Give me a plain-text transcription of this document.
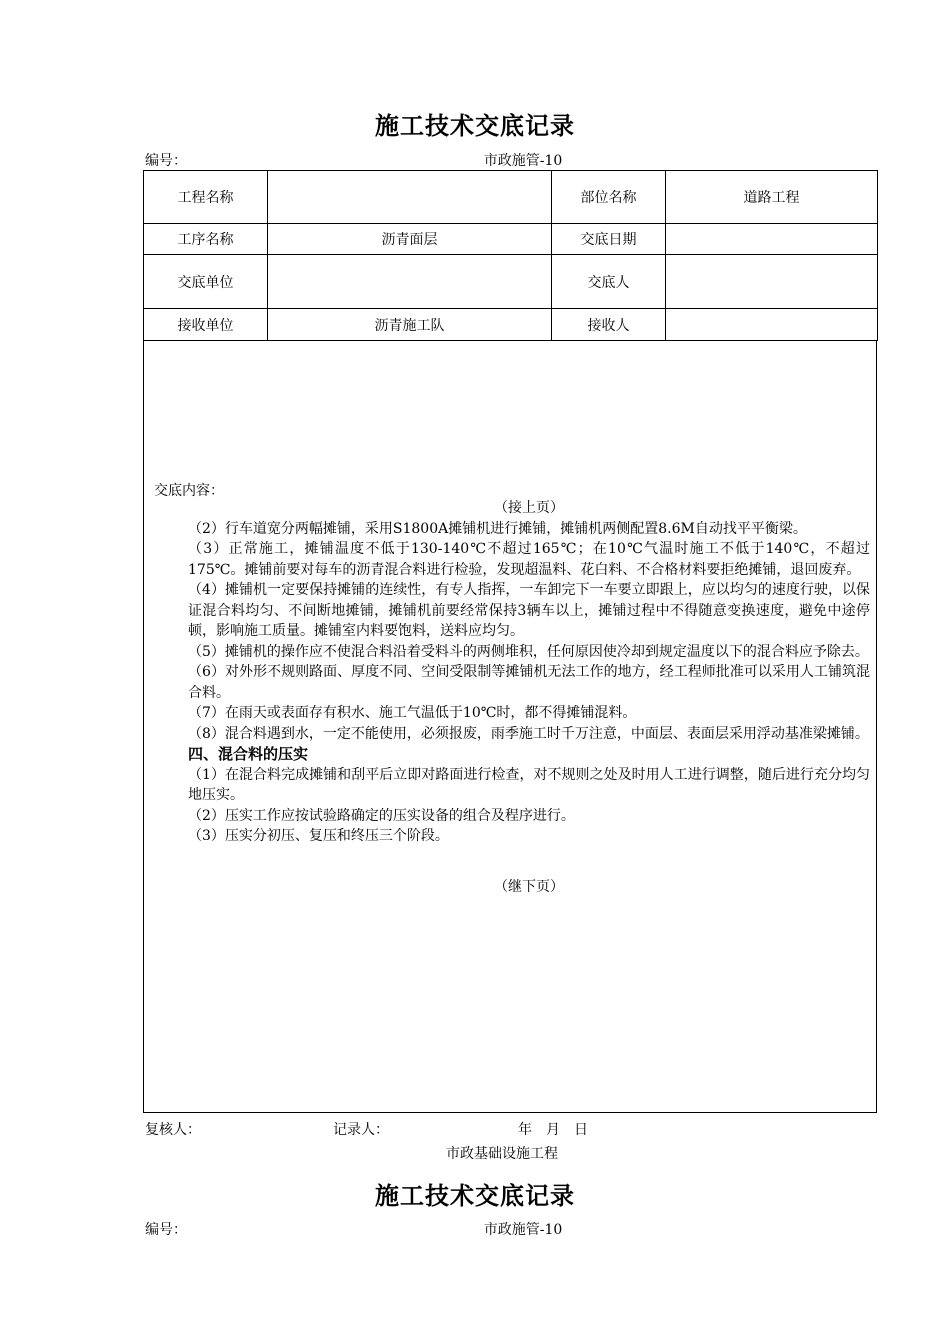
施工技术交底记录
编号：	市政施管-10
工程名称		部位名称	道路工程
工序名称	沥青面层	交底日期	
交底单位		交底人	
接收单位	沥青施工队	接收人	
交底内容：

（接上页）

（2）行车道宽分两幅摊铺，采用S1800A摊铺机进行摊铺，摊铺机两侧配置8.6M自动找平平衡梁。

（3）正常施工，摊铺温度不低于130-140℃不超过165℃；在10℃气温时施工不低于140℃，不超过175℃。摊铺前要对每车的沥青混合料进行检验，发现超温料、花白料、不合格材料要拒绝摊铺，退回废弃。

（4）摊铺机一定要保持摊铺的连续性，有专人指挥，一车卸完下一车要立即跟上，应以均匀的速度行驶，以保证混合料均匀、不间断地摊铺，摊铺机前要经常保持3辆车以上，摊铺过程中不得随意变换速度，避免中途停顿，影响施工质量。摊铺室内料要饱料，送料应均匀。

（5）摊铺机的操作应不使混合料沿着受料斗的两侧堆积，任何原因使冷却到规定温度以下的混合料应予除去。

（6）对外形不规则路面、厚度不同、空间受限制等摊铺机无法工作的地方，经工程师批准可以采用人工铺筑混合料。

（7）在雨天或表面存有积水、施工气温低于10℃时，都不得摊铺混料。

（8）混合料遇到水，一定不能使用，必须报废，雨季施工时千万注意，中面层、表面层采用浮动基准梁摊铺。

四、混合料的压实

（1）在混合料完成摊铺和刮平后立即对路面进行检查，对不规则之处及时用人工进行调整，随后进行充分均匀地压实。

（2）压实工作应按试验路确定的压实设备的组合及程序进行。

（3）压实分初压、复压和终压三个阶段。

（继下页）

复核人：	记录人：	年　月　日
市政基础设施工程
施工技术交底记录
编号：	市政施管-10
